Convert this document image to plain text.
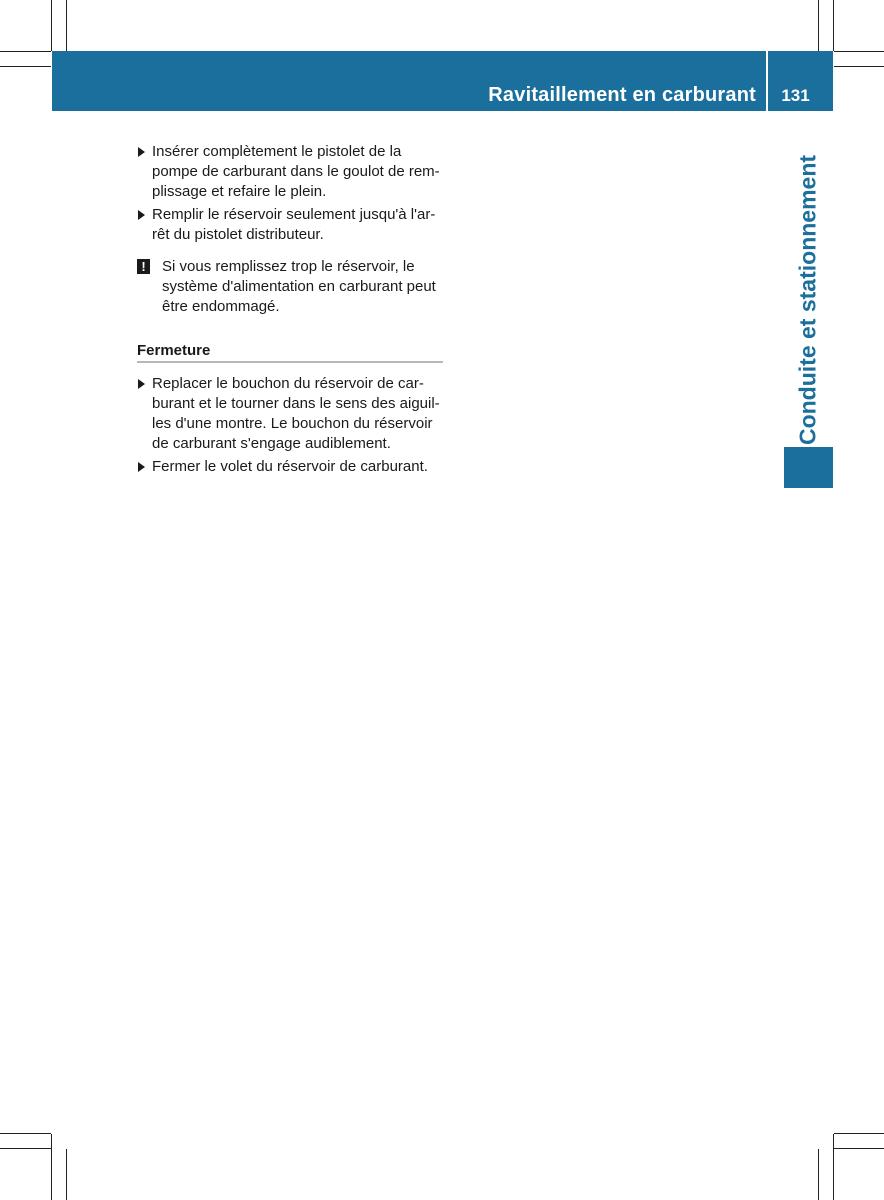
Ravitaillement en carburant	131
Conduite et stationnement
Insérer complètement le pistolet de la pompe de carburant dans le goulot de rem-plissage et refaire le plein.
Remplir le réservoir seulement jusqu'à l'ar-rêt du pistolet distributeur.
!	Si vous remplissez trop le réservoir, le système d'alimentation en carburant peut être endommagé.
Fermeture
Replacer le bouchon du réservoir de car-burant et le tourner dans le sens des aiguil-les d'une montre. Le bouchon du réservoir de carburant s'engage audiblement.
Fermer le volet du réservoir de carburant.
